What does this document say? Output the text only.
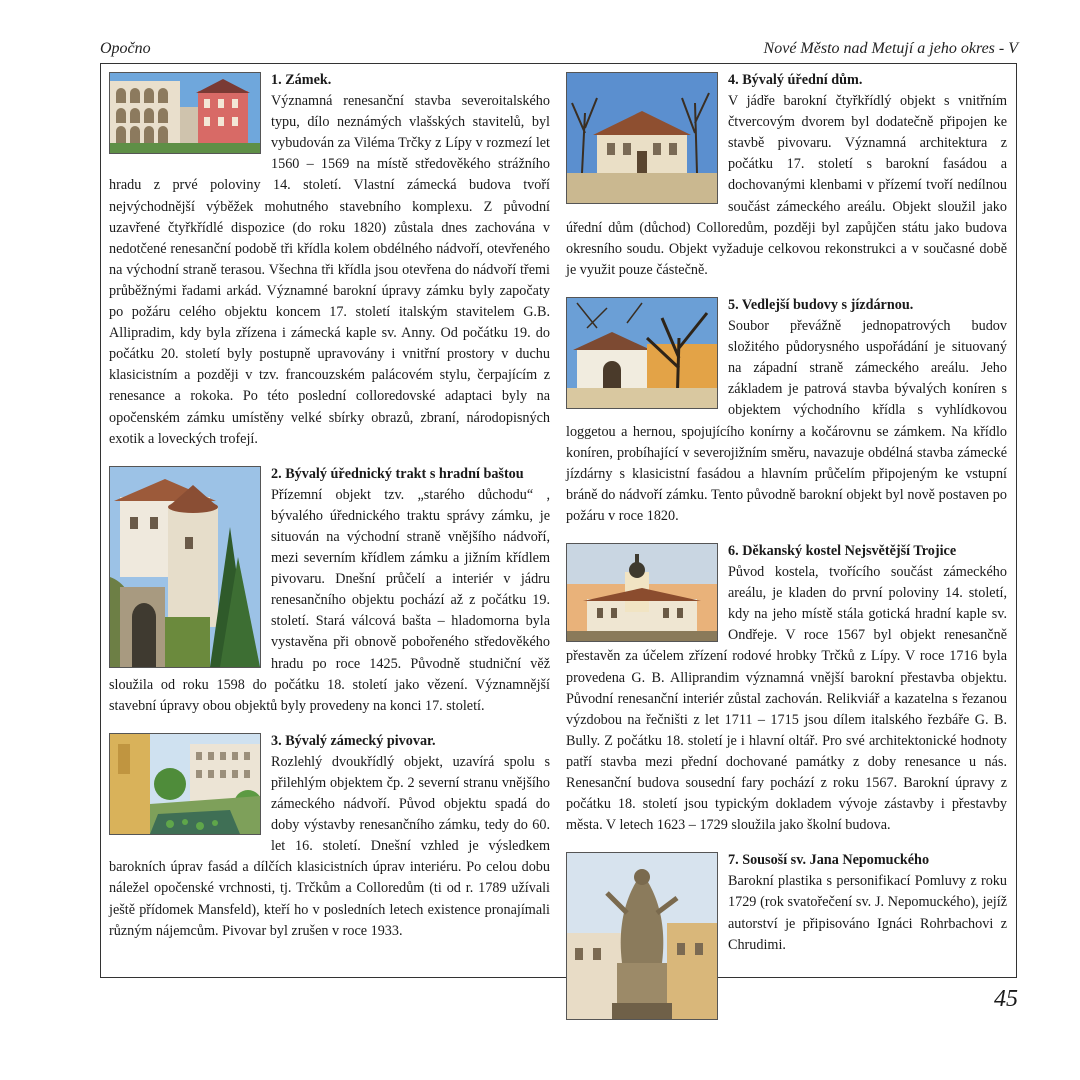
Opočno	Nové Město nad Metují a jeho okres - V
1. Zámek.
Významná renesanční stavba severoitalského typu, dílo neznámých vlašských stavitelů, byl vybudován za Viléma Trčky z Lípy v rozmezí let 1560 – 1569 na místě středověkého strážního hradu z prvé poloviny 14. století. Vlastní zámecká budova tvoří nejvýchodnější výběžek mohutného stavebního komplexu. Z původní uzavřené čtyřkřídlé dispozice (do roku 1820) zůstala dnes zachována v nedotčené renesanční podobě tři křídla kolem obdélného nádvoří, otevřeného na východní straně terasou. Všechna tři křídla jsou otevřena do nádvoří třemi průběžnými řadami arkád. Významné barokní úpravy zámku byly započaty po požáru celého objektu koncem 17. století italským stavitelem G.B. Allipradim, kdy byla zřízena i zámecká kaple sv. Anny. Od počátku 19. do počátku 20. století byly postupně upravovány i vnitřní prostory v duchu klasicistním a později v tzv. francouzském palácovém stylu, čerpajícím z renesance a rokoka. Po této poslední colloredovské adaptaci byly na opočenském zámku umístěny velké sbírky obrazů, zbraní, národopisných exotik a loveckých trofejí.
2. Bývalý úřednický trakt s hradní baštou
Přízemní objekt tzv. „starého důchodu“ , bývalého úřednického traktu správy zámku, je situován na východní straně vnějšího nádvoří, mezi severním křídlem zámku a jižním křídlem pivovaru. Dnešní průčelí a interiér v jádru renesančního objektu pochází až z počátku 19. století. Stará válcová bašta – hladomorna byla vystavěna při obnově pobořeného středověkého hradu po roce 1425. Původně studniční věž sloužila od roku 1598 do počátku 18. století jako vězení. Významnější stavební úpravy obou objektů byly provedeny na konci 17. století.
3. Bývalý zámecký pivovar.
Rozlehlý dvoukřídlý objekt, uzavírá spolu s přilehlým objektem čp. 2 severní stranu vnějšího zámeckého nádvoří. Původ objektu spadá do doby výstavby renesančního zámku, tedy do 60. let 16. století. Dnešní vzhled je výsledkem barokních úprav fasád a dílčích klasicistních úprav interiéru. Po celou dobu náležel opočenské vrchnosti, tj. Trčkům a Colloredům (ti od r. 1789 užívali ještě přídomek Mansfeld), kteří ho v posledních letech existence pronajímali různým nájemcům. Pivovar byl zrušen v roce 1933.
4. Bývalý úřední dům.
V jádře barokní čtyřkřídlý objekt s vnitřním čtvercovým dvorem byl dodatečně připojen ke stavbě pivovaru. Významná architektura z počátku 17. století s barokní fasádou a dochovanými klenbami v přízemí tvoří nedílnou součást zámeckého areálu. Objekt sloužil jako úřední dům (důchod) Colloredům, později byl zapůjčen státu jako budova okresního soudu. Objekt vyžaduje celkovou rekonstrukci a v současné době je využit pouze částečně.
5. Vedlejší budovy s jízdárnou.
Soubor převážně jednopatrových budov složitého půdorysného uspořádání je situovaný na západní straně zámeckého areálu. Jeho základem je patrová stavba bývalých koníren s objektem východního křídla s vyhlídkovou loggetou a hernou, spojujícího konírny a kočárovnu se zámkem. Na křídlo koníren, probíhající v severojižním směru, navazuje obdélná stavba zámecké jízdárny s klasicistní fasádou a hlavním průčelím připojeným ke vstupní bráně do nádvoří zámku. Tento původně barokní objekt byl nově postaven po požáru v roce 1820.
6. Děkanský kostel Nejsvětější Trojice
Původ kostela, tvořícího součást zámeckého areálu, je kladen do první poloviny 14. století, kdy na jeho místě stála gotická hradní kaple sv. Ondřeje. V roce 1567 byl objekt renesančně přestavěn za účelem zřízení rodové hrobky Trčků z Lípy. V roce 1716 byla provedena G. B. Alliprandim významná vnější barokní přestavba objektu. Původní renesanční interiér zůstal zachován. Relikviář a kazatelna s řezanou výzdobou na řečništi z let 1711 – 1715 jsou dílem italského řezbáře G. B. Bully. Z počátku 18. století je i hlavní oltář. Pro své architektonické hodnoty patří stavba mezi přední dochované památky z doby renesance u nás. Renesanční budova sousední fary pochází z roku 1567. Barokní úpravy z počátku 18. století jsou typickým dokladem vývoje zástavby i přestavby města. V letech 1623 – 1729 sloužila jako školní budova.
7. Sousoší sv. Jana Nepomuckého
Barokní plastika s personifikací Pomluvy z roku 1729 (rok svatořečení sv. J. Nepomuckého), jejíž autorství je připisováno Ignáci Rohrbachovi z Chrudimi.
45
